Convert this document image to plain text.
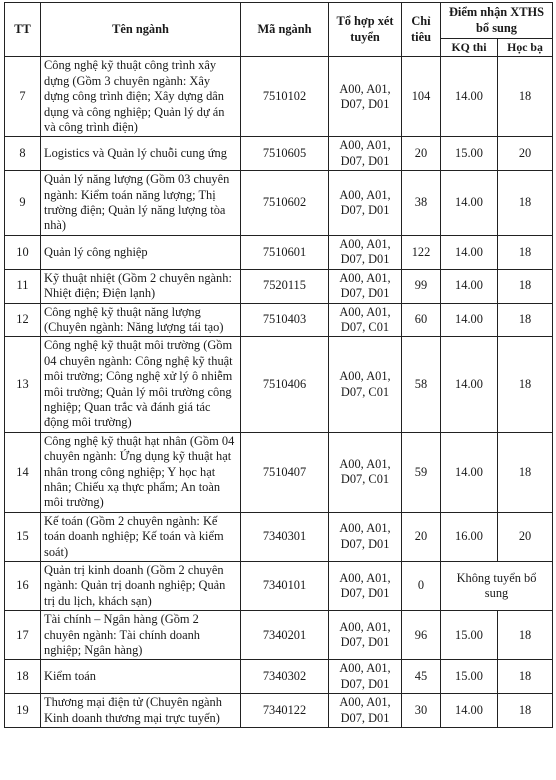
TT	Tên ngành	Mã ngành	Tổ hợp xét tuyển	Chỉ tiêu	Điểm nhận XTHS bổ sung	
					KQ thi	Học bạ
7	Công nghệ kỹ thuật công trình xây dựng (Gồm 3 chuyên ngành: Xây dựng công trình điện; Xây dựng dân dụng và công nghiệp; Quản lý dự án và công trình điện)	7510102	A00, A01, D07, D01	104	14.00	18
8	Logistics và Quản lý chuỗi cung ứng	7510605	A00, A01, D07, D01	20	15.00	20
9	Quản lý năng lượng (Gồm 03 chuyên ngành: Kiểm toán năng lượng; Thị trường điện; Quản lý năng lượng tòa nhà)	7510602	A00, A01, D07, D01	38	14.00	18
10	Quản lý công nghiệp	7510601	A00, A01, D07, D01	122	14.00	18
11	Kỹ thuật nhiệt (Gồm 2 chuyên ngành: Nhiệt điện; Điện lạnh)	7520115	A00, A01, D07, D01	99	14.00	18
12	Công nghệ kỹ thuật năng lượng (Chuyên ngành: Năng lượng tái tạo)	7510403	A00, A01, D07, C01	60	14.00	18
13	Công nghệ kỹ thuật môi trường (Gồm 04 chuyên ngành: Công nghệ kỹ thuật môi trường; Công nghệ xử lý ô nhiễm môi trường; Quản lý môi trường công nghiệp; Quan trắc và đánh giá tác động môi trường)	7510406	A00, A01, D07, C01	58	14.00	18
14	Công nghệ kỹ thuật hạt nhân (Gồm 04 chuyên ngành: Ứng dụng kỹ thuật hạt nhân trong công nghiệp; Y học hạt nhân; Chiếu xạ thực phẩm; An toàn môi trường)	7510407	A00, A01, D07, C01	59	14.00	18
15	Kế toán (Gồm 2 chuyên ngành: Kế toán doanh nghiệp; Kế toán và kiểm soát)	7340301	A00, A01, D07, D01	20	16.00	20
16	Quản trị kinh doanh (Gồm 2 chuyên ngành: Quản trị doanh nghiệp; Quản trị du lịch, khách sạn)	7340101	A00, A01, D07, D01	0	Không tuyển bổ sung	
17	Tài chính – Ngân hàng (Gồm 2 chuyên ngành: Tài chính doanh nghiệp; Ngân hàng)	7340201	A00, A01, D07, D01	96	15.00	18
18	Kiểm toán	7340302	A00, A01, D07, D01	45	15.00	18
19	Thương mại điện tử (Chuyên ngành Kinh doanh thương mại trực tuyến)	7340122	A00, A01, D07, D01	30	14.00	18
